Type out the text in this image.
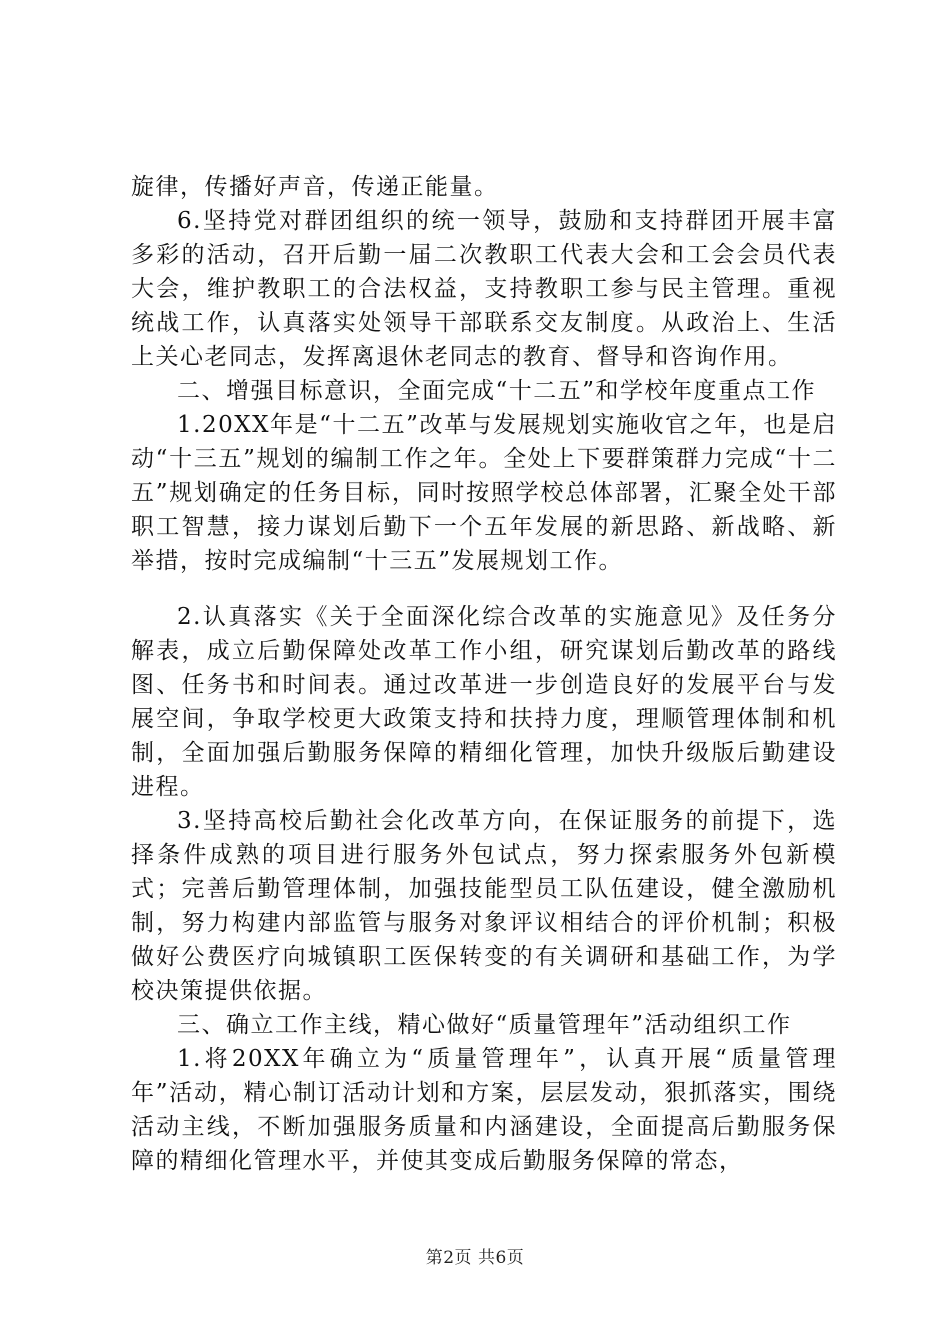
旋律，传播好声音，传递正能量。

6.坚持党对群团组织的统一领导，鼓励和支持群团开展丰富多彩的活动，召开后勤一届二次教职工代表大会和工会会员代表大会，维护教职工的合法权益，支持教职工参与民主管理。重视统战工作，认真落实处领导干部联系交友制度。从政治上、生活上关心老同志，发挥离退休老同志的教育、督导和咨询作用。

二、增强目标意识，全面完成“十二五”和学校年度重点工作

1.20XX年是“十二五”改革与发展规划实施收官之年，也是启动“十三五”规划的编制工作之年。全处上下要群策群力完成“十二五”规划确定的任务目标，同时按照学校总体部署，汇聚全处干部职工智慧，接力谋划后勤下一个五年发展的新思路、新战略、新举措，按时完成编制“十三五”发展规划工作。

2.认真落实《关于全面深化综合改革的实施意见》及任务分解表，成立后勤保障处改革工作小组，研究谋划后勤改革的路线图、任务书和时间表。通过改革进一步创造良好的发展平台与发展空间，争取学校更大政策支持和扶持力度，理顺管理体制和机制，全面加强后勤服务保障的精细化管理，加快升级版后勤建设进程。

3.坚持高校后勤社会化改革方向，在保证服务的前提下，选择条件成熟的项目进行服务外包试点，努力探索服务外包新模式；完善后勤管理体制，加强技能型员工队伍建设，健全激励机制，努力构建内部监管与服务对象评议相结合的评价机制；积极做好公费医疗向城镇职工医保转变的有关调研和基础工作，为学校决策提供依据。

三、确立工作主线，精心做好“质量管理年”活动组织工作

1.将20XX年确立为“质量管理年”，认真开展“质量管理年”活动，精心制订活动计划和方案，层层发动，狠抓落实，围绕活动主线，不断加强服务质量和内涵建设，全面提高后勤服务保障的精细化管理水平，并使其变成后勤服务保障的常态，

第2页 共6页
